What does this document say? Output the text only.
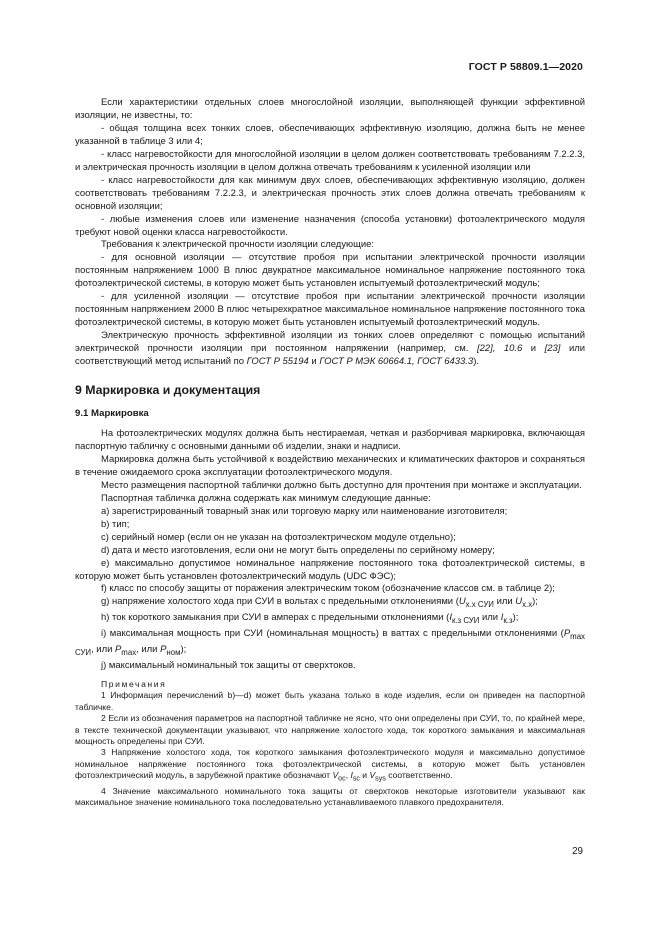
ГОСТ Р 58809.1—2020

Если характеристики отдельных слоев многослойной изоляции, выполняющей функции эффективной изоляции, не известны, то:

- общая толщина всех тонких слоев, обеспечивающих эффективную изоляцию, должна быть не менее указанной в таблице 3 или 4;

- класс нагревостойкости для многослойной изоляции в целом должен соответствовать требованиям 7.2.2.3, и электрическая прочность изоляции в целом должна отвечать требованиям к усиленной изоляции или

- класс нагревостойкости для как минимум двух слоев, обеспечивающих эффективную изоляцию, должен соответствовать требованиям 7.2.2.3, и электрическая прочность этих слоев должна отвечать требованиям к основной изоляции;

- любые изменения слоев или изменение назначения (способа установки) фотоэлектрического модуля требуют новой оценки класса нагревостойкости.

Требования к электрической прочности изоляции следующие:

- для основной изоляции — отсутствие пробоя при испытании электрической прочности изоляции постоянным напряжением 1000 В плюс двукратное максимальное номинальное напряжение постоянного тока фотоэлектрической системы, в которую может быть установлен испытуемый фотоэлектрический модуль;

- для усиленной изоляции — отсутствие пробоя при испытании электрической прочности изоляции постоянным напряжением 2000 В плюс четырехкратное максимальное номинальное напряжение постоянного тока фотоэлектрической системы, в которую может быть установлен испытуемый фотоэлектрический модуль.

Электрическую прочность эффективной изоляции из тонких слоев определяют с помощью испытаний электрической прочности изоляции при постоянном напряжении (например, см. [22], 10.6 и [23] или соответствующий метод испытаний по ГОСТ Р 55194 и ГОСТ Р МЭК 60664.1, ГОСТ 6433.3).

9 Маркировка и документация
9.1 Маркировка

На фотоэлектрических модулях должна быть нестираемая, четкая и разборчивая маркировка, включающая паспортную табличку с основными данными об изделии, знаки и надписи.

Маркировка должна быть устойчивой к воздействию механических и климатических факторов и сохраняться в течение ожидаемого срока эксплуатации фотоэлектрического модуля.

Место размещения паспортной таблички должно быть доступно для прочтения при монтаже и эксплуатации.

Паспортная табличка должна содержать как минимум следующие данные:

а) зарегистрированный товарный знак или торговую марку или наименование изготовителя;

b) тип;

c) серийный номер (если он не указан на фотоэлектрическом модуле отдельно);

d) дата и место изготовления, если они не могут быть определены по серийному номеру;

e) максимально допустимое номинальное напряжение постоянного тока фотоэлектрической системы, в которую может быть установлен фотоэлектрический модуль (UDC ФЭС);

f) класс по способу защиты от поражения электрическим током (обозначение классов см. в таблице 2);

g) напряжение холостого хода при СУИ в вольтах с предельными отклонениями ($U_{х.х СУИ}$ или $U_{х.х}$);

h) ток короткого замыкания при СУИ в амперах с предельными отклонениями ($I_{к.з СУИ}$ или $I_{к.з}$);

i) максимальная мощность при СУИ (номинальная мощность) в ваттах с предельными отклонениями ($P_{max СУИ}$, или $P_{max}$, или $P_{ном}$);

j) максимальный номинальный ток защиты от сверхтоков.

Примечания

1 Информация перечислений b)—d) может быть указана только в коде изделия, если он приведен на паспортной табличке.

2 Если из обозначения параметров на паспортной табличке не ясно, что они определены при СУИ, то, по крайней мере, в тексте технической документации указывают, что напряжение холостого хода, ток короткого замыкания и максимальная мощность определены при СУИ.

3 Напряжение холостого хода, ток короткого замыкания фотоэлектрического модуля и максимально допустимое номинальное напряжение постоянного тока фотоэлектрической системы, в которую может быть установлен фотоэлектрический модуль, в зарубежной практике обозначают $V_{oc}$, $I_{sc}$ и $V_{sys}$ соответственно.

4 Значение максимального номинального тока защиты от сверхтоков некоторые изготовители указывают как максимальное значение номинального тока последовательно устанавливаемого плавкого предохранителя.

29
